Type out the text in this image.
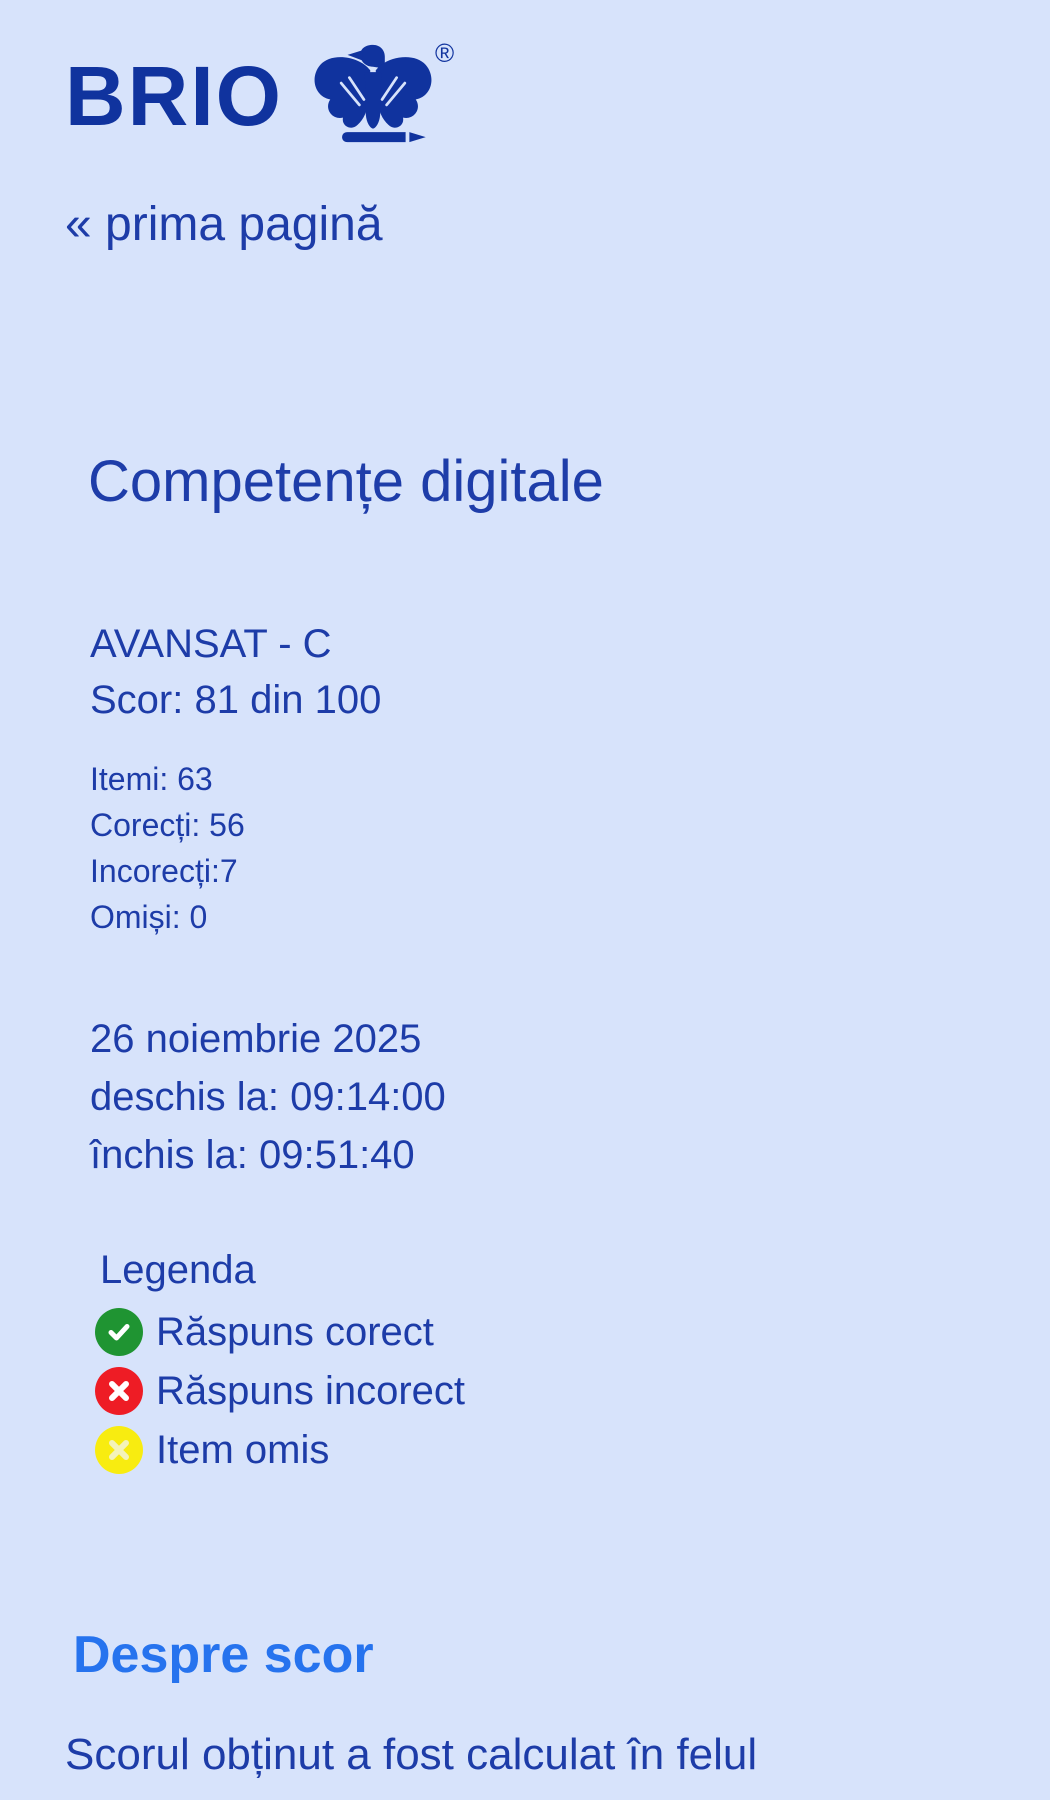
BRIO	®
« prima pagină
Competențe digitale
AVANSAT - C
Scor: 81 din 100
Itemi: 63
Corecți: 56
Incorecți:7
Omiși: 0
26 noiembrie 2025
deschis la: 09:14:00
închis la: 09:51:40
Legenda
Răspuns corect
Răspuns incorect
Item omis
Despre scor
Scorul obținut a fost calculat în felul
